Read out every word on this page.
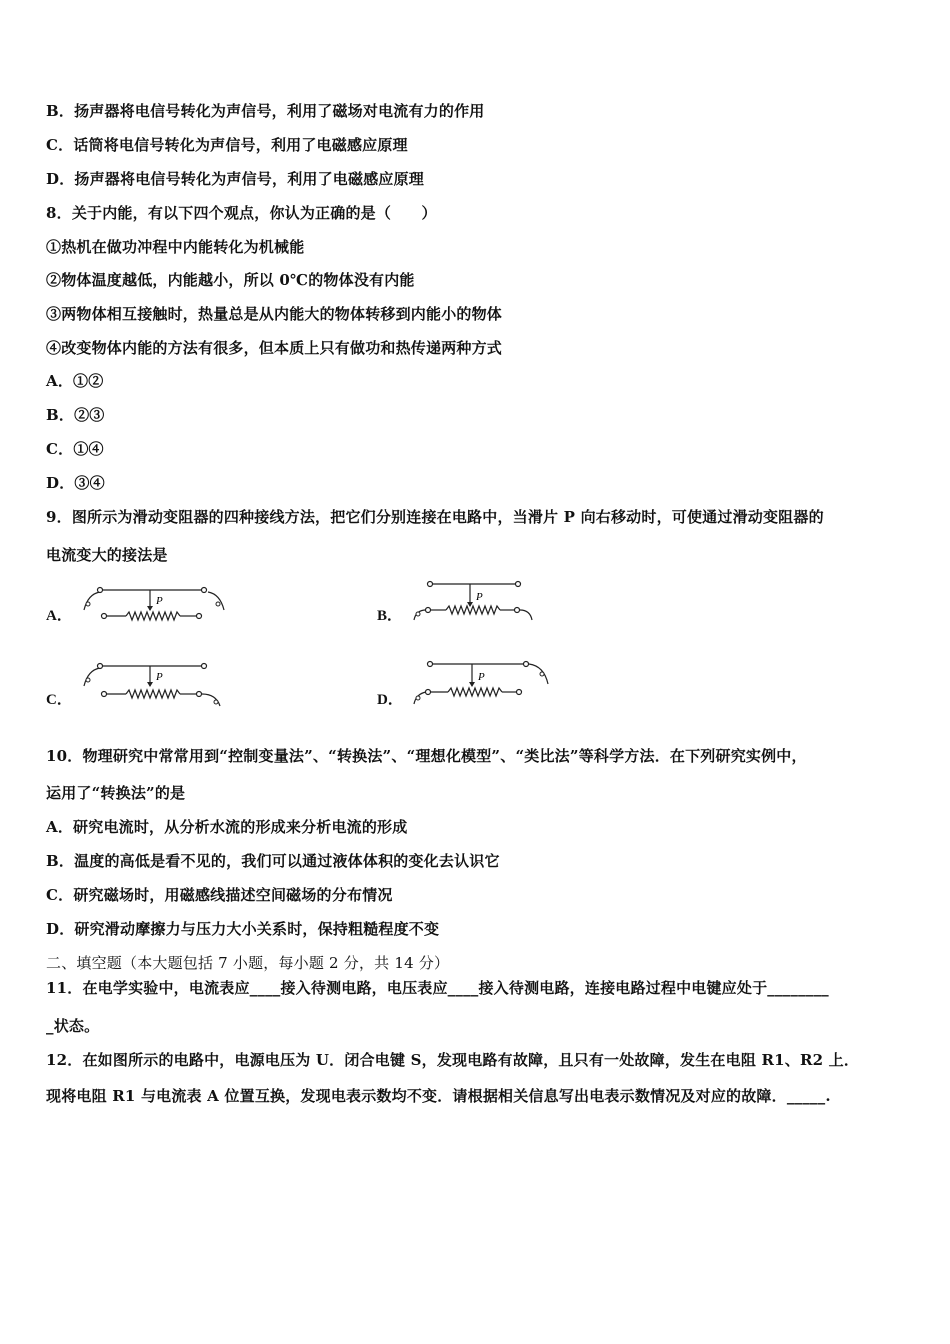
B．扬声器将电信号转化为声信号，利用了磁场对电流有力的作用
C．话筒将电信号转化为声信号，利用了电磁感应原理
D．扬声器将电信号转化为声信号，利用了电磁感应原理
8．关于内能，有以下四个观点，你认为正确的是（　　）
①热机在做功冲程中内能转化为机械能
②物体温度越低，内能越小，所以 0℃的物体没有内能
③两物体相互接触时，热量总是从内能大的物体转移到内能小的物体
④改变物体内能的方法有很多，但本质上只有做功和热传递两种方式
A．①②
B．②③
C．①④
D．③④
9．图所示为滑动变阻器的四种接线方法，把它们分别连接在电路中，当滑片 P 向右移动时，可使通过滑动变阻器的
电流变大的接法是
A．
P
B．
P
C．
P
D．
P
10．物理研究中常常用到“控制变量法”、“转换法”、“理想化模型”、“类比法”等科学方法．在下列研究实例中，
运用了“转换法”的是
A．研究电流时，从分析水流的形成来分析电流的形成
B．温度的高低是看不见的，我们可以通过液体体积的变化去认识它
C．研究磁场时，用磁感线描述空间磁场的分布情况
D．研究滑动摩擦力与压力大小关系时，保持粗糙程度不变
二、填空题（本大题包括 7 小题，每小题 2 分，共 14 分）
11．在电学实验中，电流表应____接入待测电路，电压表应____接入待测电路，连接电路过程中电键应处于________
_状态。
12．在如图所示的电路中，电源电压为 U．闭合电键 S，发现电路有故障，且只有一处故障，发生在电阻 R1、R2 上．
现将电阻 R1 与电流表 A 位置互换，发现电表示数均不变．请根据相关信息写出电表示数情况及对应的故障．_____.
